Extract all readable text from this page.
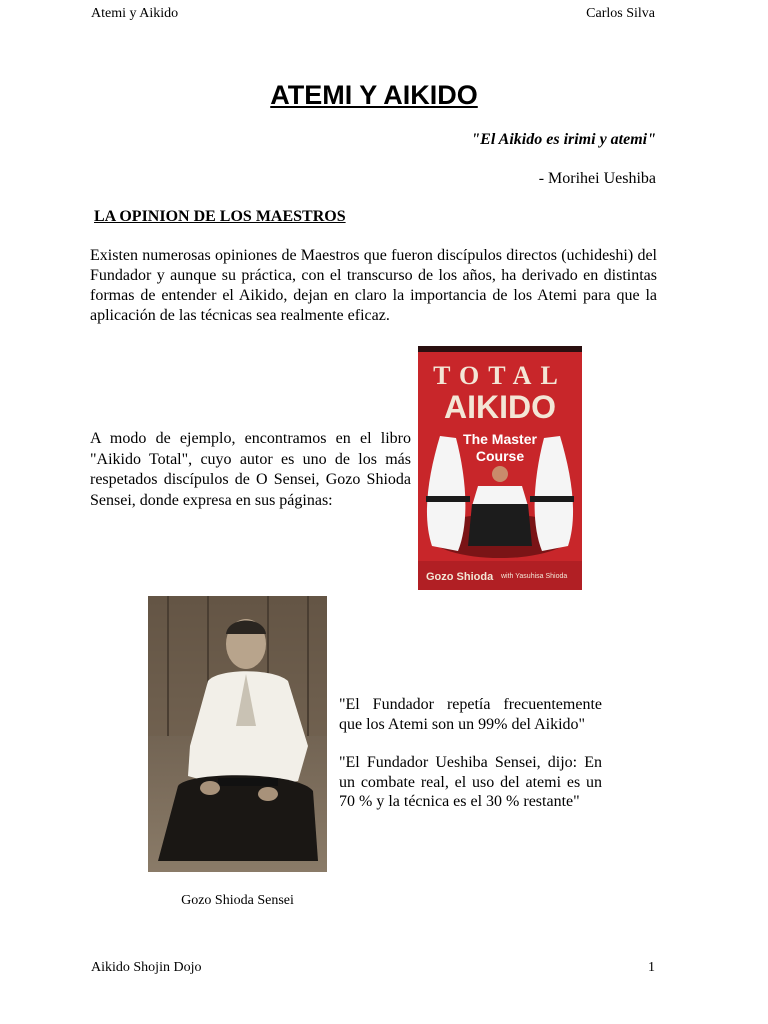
Atemi y Aikido	Carlos Silva
ATEMI Y AIKIDO
"El Aikido es irimi y atemi"
- Morihei Ueshiba
LA OPINION DE LOS MAESTROS
Existen numerosas opiniones de Maestros que fueron discípulos directos (uchideshi) del Fundador y aunque su práctica, con el transcurso de los años, ha derivado en distintas formas de entender el Aikido, dejan en claro la importancia de los Atemi para que la aplicación de las técnicas sea realmente eficaz.
A modo de ejemplo, encontramos en el libro "Aikido Total", cuyo autor es uno de los más respetados discípulos de O Sensei, Gozo Shioda Sensei, donde expresa en sus páginas:
TOTAL
AIKIDO
The Master
Course
Gozo Shioda with Yasuhisa Shioda
"El Fundador repetía frecuentemente que los Atemi son un 99% del Aikido"
"El Fundador Ueshiba Sensei, dijo: En un combate real, el uso del atemi es un 70 % y la técnica es el 30 % restante"
Gozo Shioda Sensei
Aikido Shojin Dojo	1
